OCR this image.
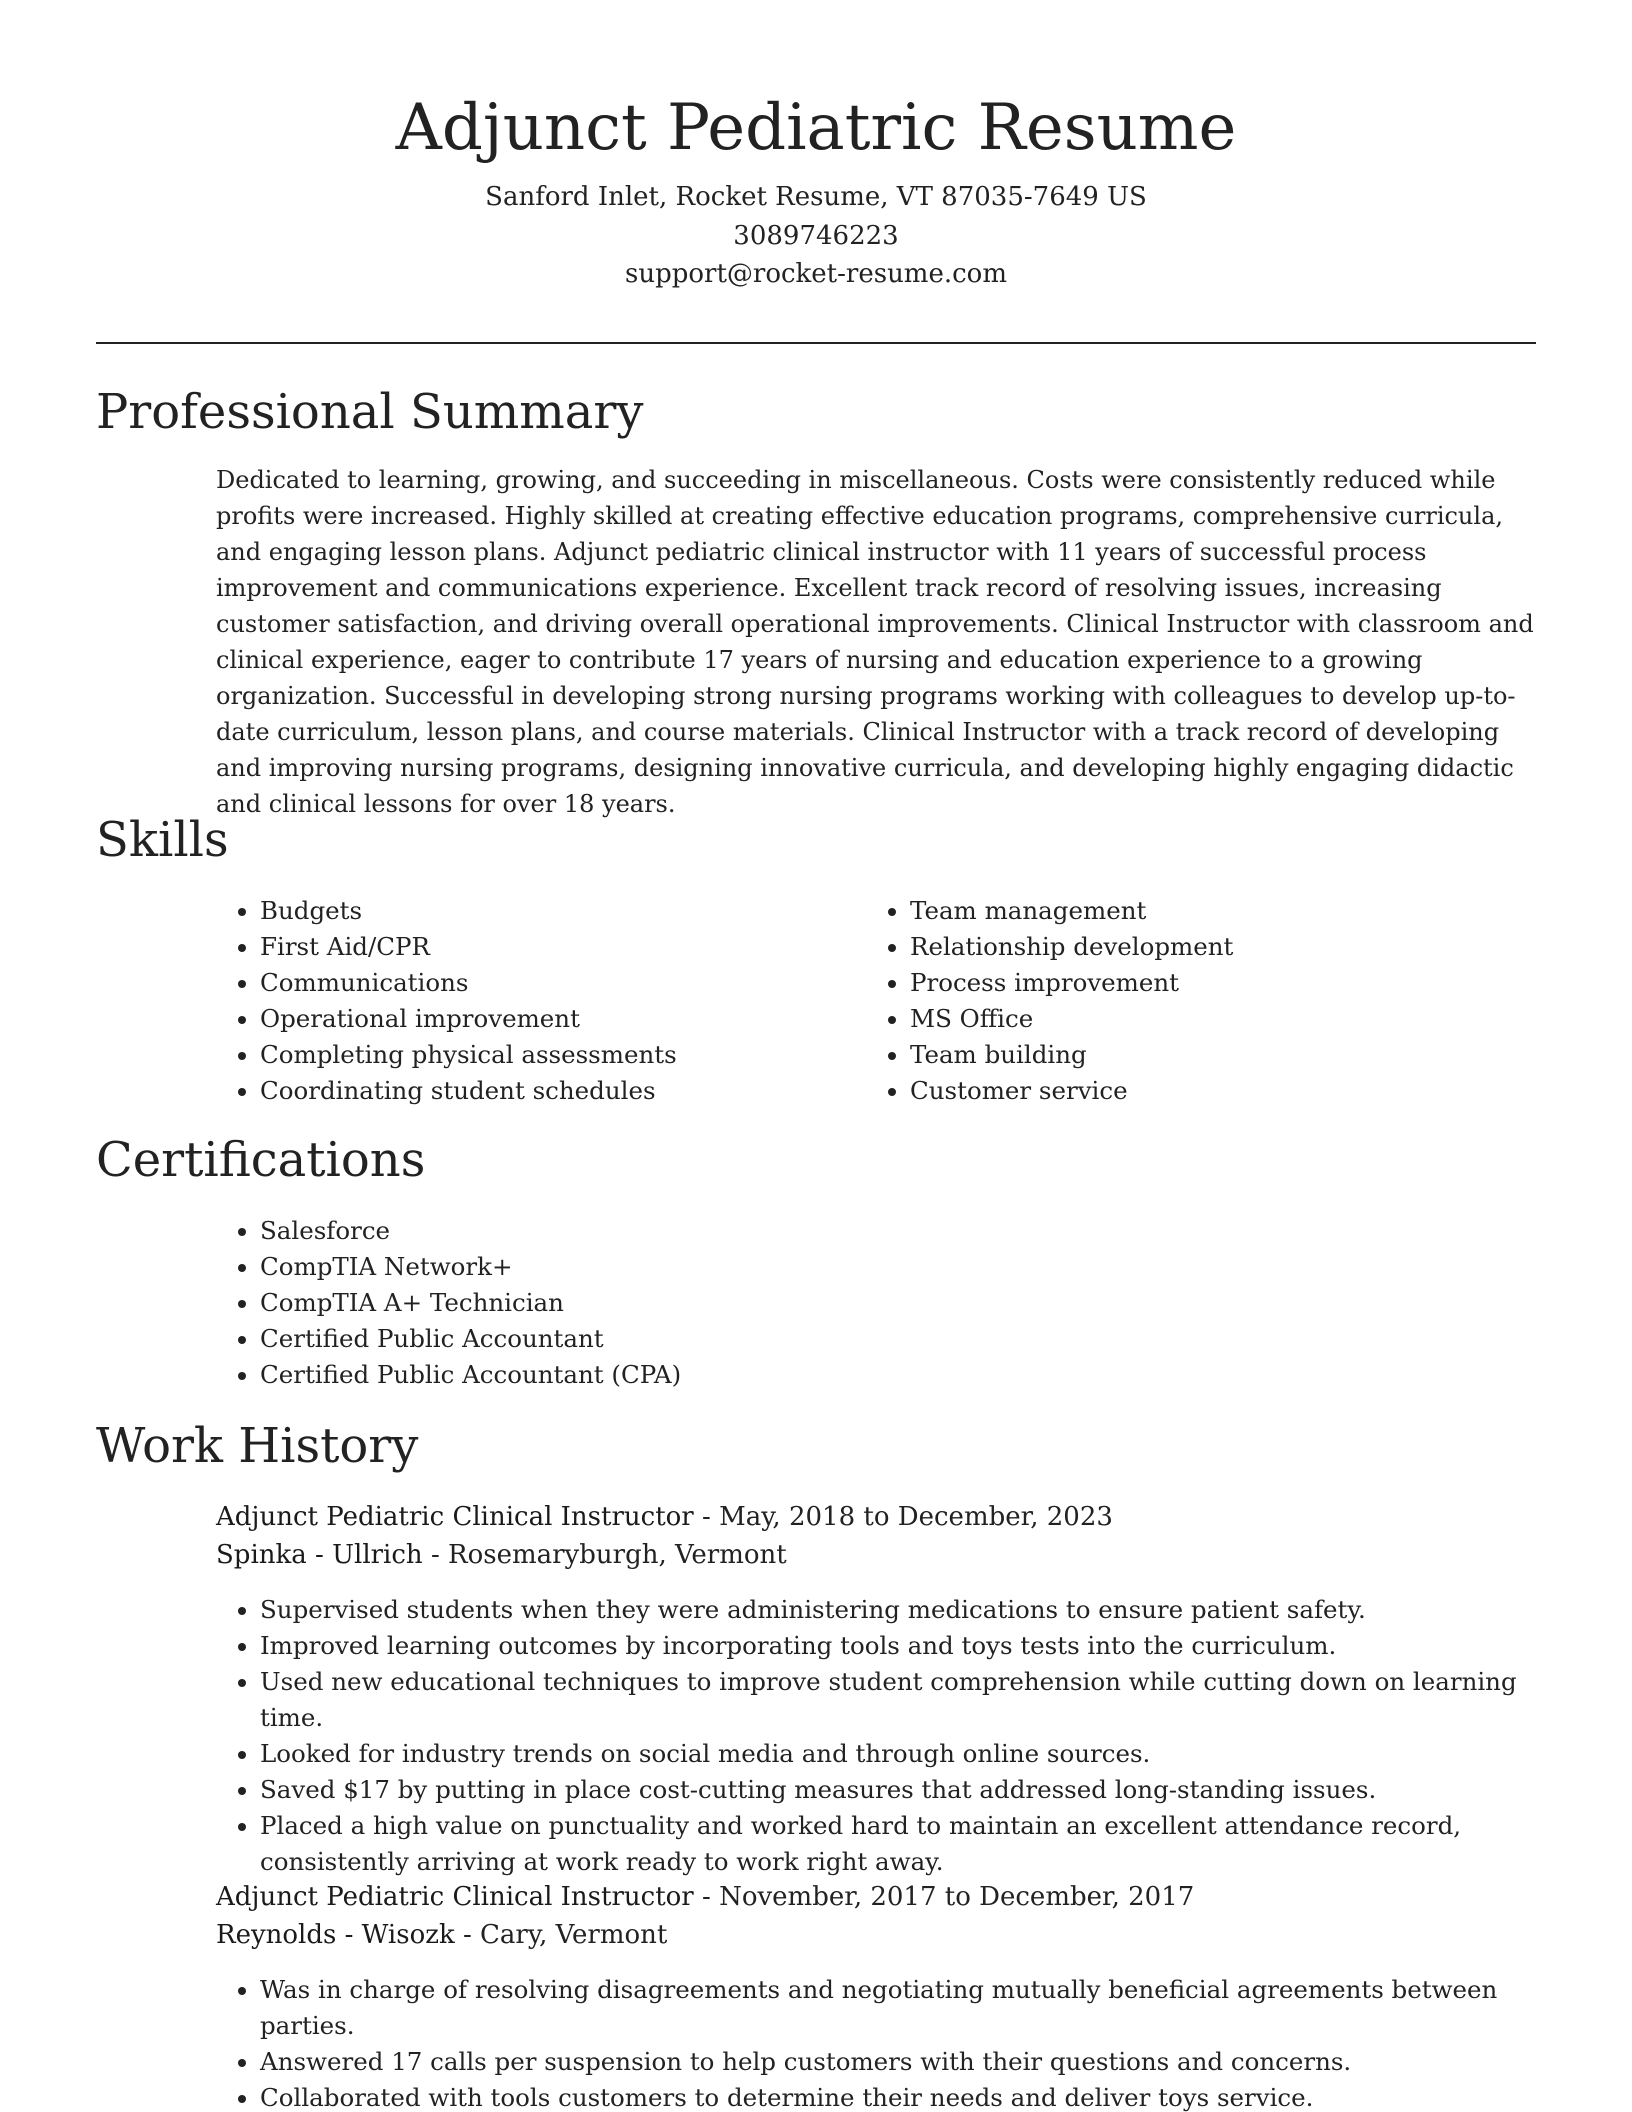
Adjunct Pediatric Resume
Sanford Inlet, Rocket Resume, VT 87035-7649 US
3089746223
support@rocket-resume.com
Professional Summary

Dedicated to learning, growing, and succeeding in miscellaneous. Costs were consistently reduced while profits were increased. Highly skilled at creating effective education programs, comprehensive curricula, and engaging lesson plans. Adjunct pediatric clinical instructor with 11 years of successful process improvement and communications experience. Excellent track record of resolving issues, increasing customer satisfaction, and driving overall operational improvements. Clinical Instructor with classroom and clinical experience, eager to contribute 17 years of nursing and education experience to a growing organization. Successful in developing strong nursing programs working with colleagues to develop up-to-date curriculum, lesson plans, and course materials. Clinical Instructor with a track record of developing and improving nursing programs, designing innovative curricula, and developing highly engaging didactic and clinical lessons for over 18 years.

Skills
• Budgets
• First Aid/CPR
• Communications
• Operational improvement
• Completing physical assessments
• Coordinating student schedules
• Team management
• Relationship development
• Process improvement
• MS Office
• Team building
• Customer service
Certifications
• Salesforce
• CompTIA Network+
• CompTIA A+ Technician
• Certified Public Accountant
• Certified Public Accountant (CPA)
Work History
Adjunct Pediatric Clinical Instructor - May, 2018 to December, 2023
Spinka - Ullrich - Rosemaryburgh, Vermont
• Supervised students when they were administering medications to ensure patient safety.
• Improved learning outcomes by incorporating tools and toys tests into the curriculum.
• Used new educational techniques to improve student comprehension while cutting down on learning time.
• Looked for industry trends on social media and through online sources.
• Saved $17 by putting in place cost-cutting measures that addressed long-standing issues.
• Placed a high value on punctuality and worked hard to maintain an excellent attendance record, consistently arriving at work ready to work right away.
Adjunct Pediatric Clinical Instructor - November, 2017 to December, 2017
Reynolds - Wisozk - Cary, Vermont
• Was in charge of resolving disagreements and negotiating mutually beneficial agreements between parties.
• Answered 17 calls per suspension to help customers with their questions and concerns.
• Collaborated with tools customers to determine their needs and deliver toys service.
